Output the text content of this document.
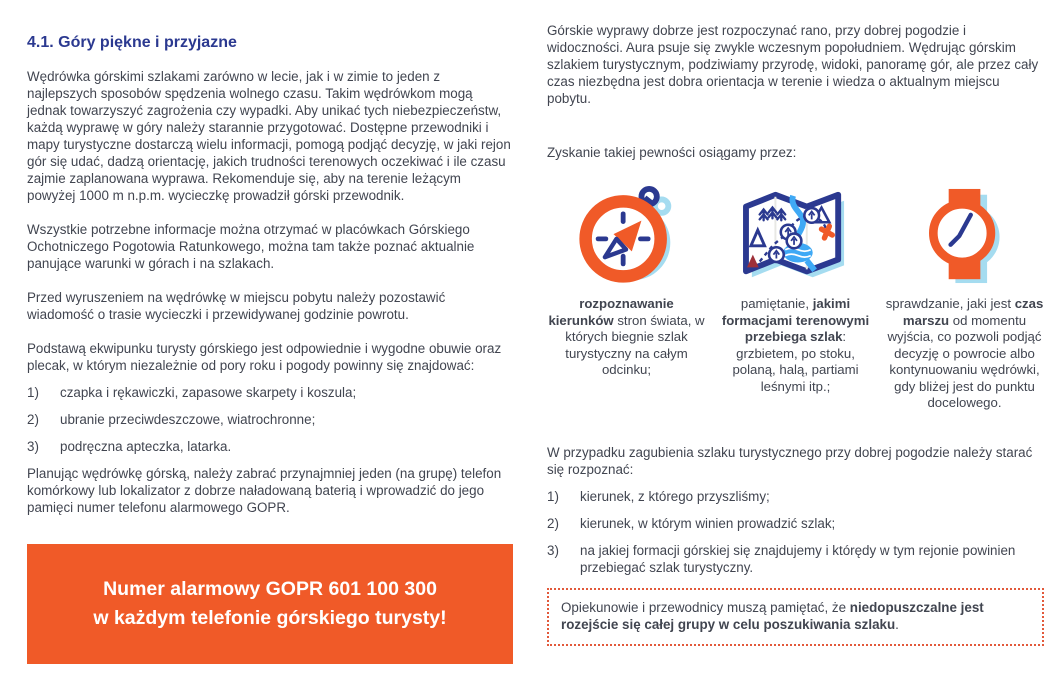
4.1. Góry piękne i przyjazne

Wędrówka górskimi szlakami zarówno w lecie, jak i w zimie to jeden z najlepszych sposobów spędzenia wolnego czasu. Takim wędrówkom mogą jednak towarzyszyć zagrożenia czy wypadki. Aby unikać tych niebezpieczeństw, każdą wyprawę w góry należy starannie przygotować. Dostępne przewodniki i mapy turystyczne dostarczą wielu informacji, pomogą podjąć decyzję, w jaki rejon gór się udać, dadzą orientację, jakich trudności terenowych oczekiwać i ile czasu zajmie zaplanowana wyprawa. Rekomenduje się, aby na terenie leżącym powyżej 1000 m n.p.m. wycieczkę prowadził górski przewodnik.

Wszystkie potrzebne informacje można otrzymać w placówkach Górskiego Ochotniczego Pogotowia Ratunkowego, można tam także poznać aktualnie panujące warunki w górach i na szlakach.

Przed wyruszeniem na wędrówkę w miejscu pobytu należy pozostawić wiadomość o trasie wycieczki i przewidywanej godzinie powrotu.

Podstawą ekwipunku turysty górskiego jest odpowiednie i wygodne obuwie oraz plecak, w którym niezależnie od pory roku i pogody powinny się znajdować:

1)	czapka i rękawiczki, zapasowe skarpety i koszula;
2)	ubranie przeciwdeszczowe, wiatrochronne;
3)	podręczna apteczka, latarka.

Planując wędrówkę górską, należy zabrać przynajmniej jeden (na grupę) telefon komórkowy lub lokalizator z dobrze naładowaną baterią i wprowadzić do jego pamięci numer telefonu alarmowego GOPR.

Numer alarmowy GOPR 601 100 300
w każdym telefonie górskiego turysty!

Górskie wyprawy dobrze jest rozpoczynać rano, przy dobrej pogodzie i widoczności. Aura psuje się zwykle wczesnym popołudniem. Wędrując górskim szlakiem turystycznym, podziwiamy przyrodę, widoki, panoramę gór, ale przez cały czas niezbędna jest dobra orientacja w terenie i wiedza o aktualnym miejscu pobytu.

Zyskanie takiej pewności osiągamy przez:

rozpoznawanie kierunków stron świata, w których biegnie szlak turystyczny na całym odcinku;
pamiętanie, jakimi formacjami terenowymi przebiega szlak: grzbietem, po stoku, polaną, halą, partiami leśnymi itp.;
sprawdzanie, jaki jest czas marszu od momentu wyjścia, co pozwoli podjąć decyzję o powrocie albo kontynuowaniu wędrówki, gdy bliżej jest do punktu docelowego.

W przypadku zagubienia szlaku turystycznego przy dobrej pogodzie należy starać się rozpoznać:

1)	kierunek, z którego przyszliśmy;
2)	kierunek, w którym winien prowadzić szlak;
3)	na jakiej formacji górskiej się znajdujemy i którędy w tym rejonie powinien przebiegać szlak turystyczny.
Opiekunowie i przewodnicy muszą pamiętać, że niedopuszczalne jest rozejście się całej grupy w celu poszukiwania szlaku.
